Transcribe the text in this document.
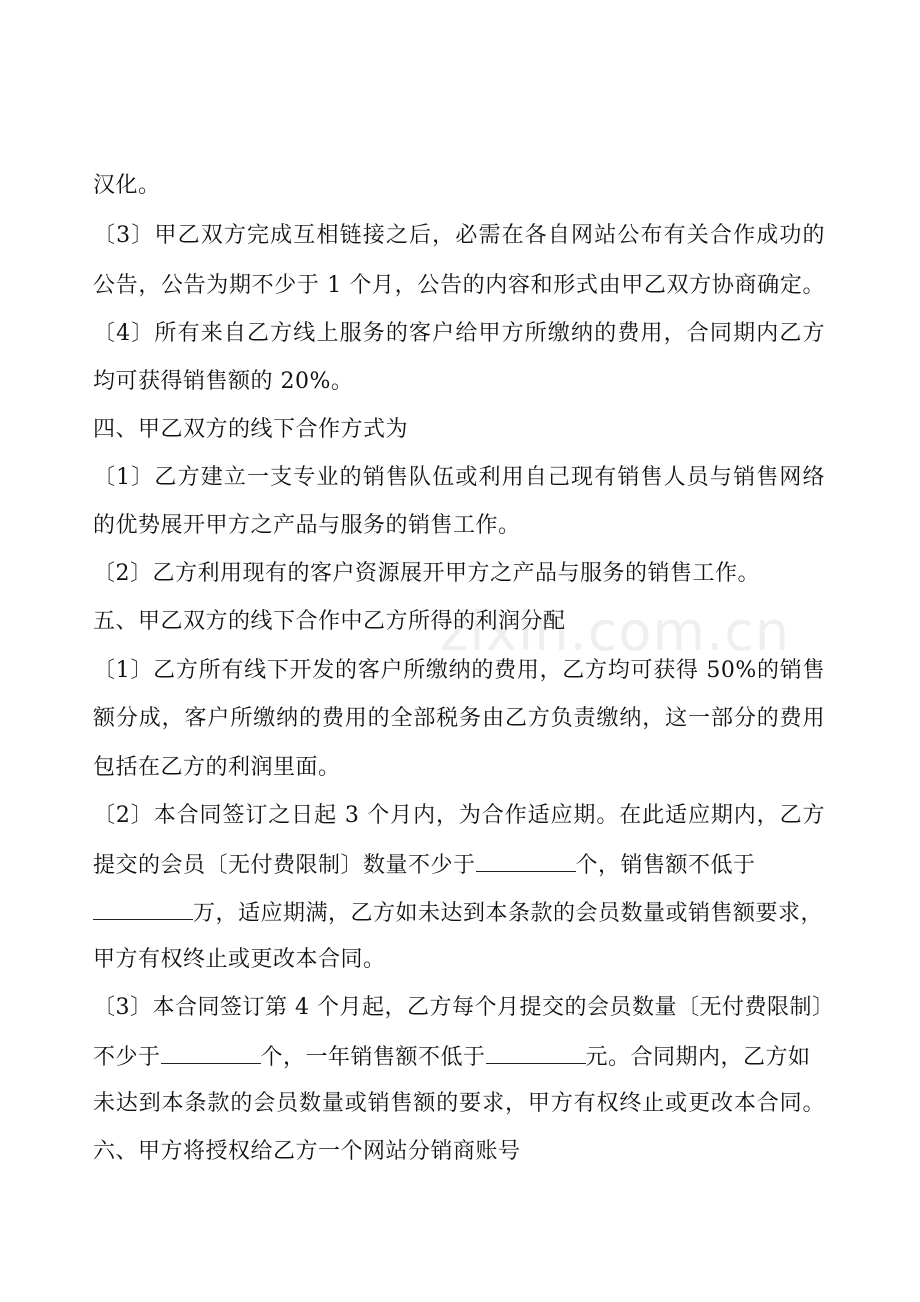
zixin.com.cn
汉化。
〔3〕甲乙双方完成互相链接之后，必需在各自网站公布有关合作成功的
公告，公告为期不少于 1 个月，公告的内容和形式由甲乙双方协商确定。
〔4〕所有来自乙方线上服务的客户给甲方所缴纳的费用，合同期内乙方
均可获得销售额的 20%。
四、甲乙双方的线下合作方式为
〔1〕乙方建立一支专业的销售队伍或利用自己现有销售人员与销售网络
的优势展开甲方之产品与服务的销售工作。
〔2〕乙方利用现有的客户资源展开甲方之产品与服务的销售工作。
五、甲乙双方的线下合作中乙方所得的利润分配
〔1〕乙方所有线下开发的客户所缴纳的费用，乙方均可获得 50%的销售
额分成，客户所缴纳的费用的全部税务由乙方负责缴纳，这一部分的费用
包括在乙方的利润里面。
〔2〕本合同签订之日起 3 个月内，为合作适应期。在此适应期内，乙方
提交的会员〔无付费限制〕数量不少于	个，销售额不低于
万，适应期满，乙方如未达到本条款的会员数量或销售额要求，
甲方有权终止或更改本合同。
〔3〕本合同签订第 4 个月起，乙方每个月提交的会员数量〔无付费限制〕
不少于	个，一年销售额不低于	元。合同期内，乙方如
未达到本条款的会员数量或销售额的要求，甲方有权终止或更改本合同。
六、甲方将授权给乙方一个网站分销商账号
